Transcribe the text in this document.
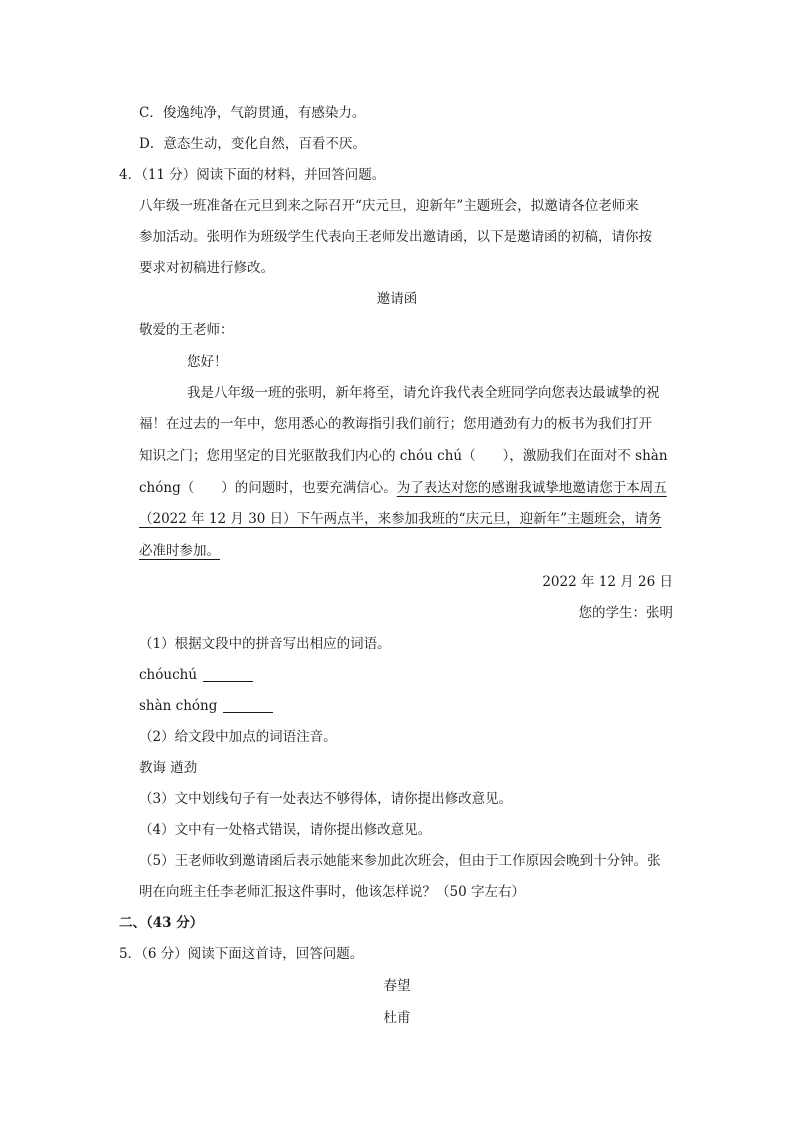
C．俊逸纯净，气韵贯通，有感染力。
D．意态生动，变化自然，百看不厌。
4．（11 分）阅读下面的材料，并回答问题。
八年级一班准备在元旦到来之际召开“庆元旦，迎新年”主题班会，拟邀请各位老师来
参加活动。张明作为班级学生代表向王老师发出邀请函，以下是邀请函的初稿，请你按
要求对初稿进行修改。
邀请函
敬爱的王老师：
您好！
我是八年级一班的张明，新年将至，请允许我代表全班同学向您表达最诚挚的祝
福！在过去的一年中，您用悉心的教诲指引我们前行；您用遒劲有力的板书为我们打开
知识之门；您用坚定的目光驱散我们内心的 chóu chú（　　），激励我们在面对不 shàn
chóng（　　）的问题时，也要充满信心。为了表达对您的感谢我诚挚地邀请您于本周五
（2022 年 12 月 30 日）下午两点半，来参加我班的“庆元旦，迎新年”主题班会，请务
必准时参加。
2022 年 12 月 26 日
您的学生：张明
（1）根据文段中的拼音写出相应的词语。
chóuchú
shàn chóng
（2）给文段中加点的词语注音。
教诲 遒劲
（3）文中划线句子有一处表达不够得体，请你提出修改意见。
（4）文中有一处格式错误，请你提出修改意见。
（5）王老师收到邀请函后表示她能来参加此次班会，但由于工作原因会晚到十分钟。张
明在向班主任李老师汇报这件事时，他该怎样说？（50 字左右）
二、（43 分）
5．（6 分）阅读下面这首诗，回答问题。
春望
杜甫
